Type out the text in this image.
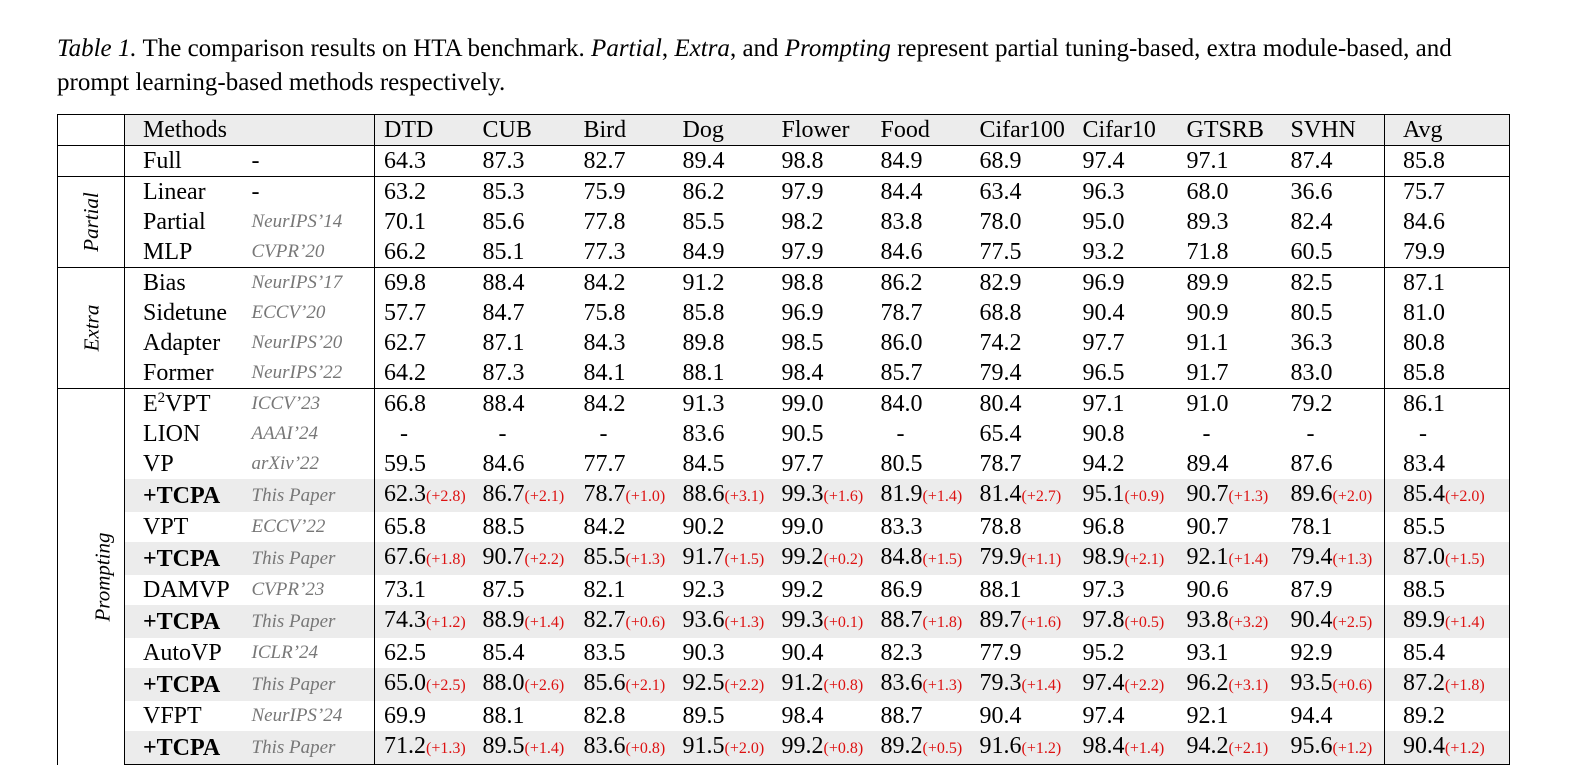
Table 1. The comparison results on HTA benchmark. Partial, Extra, and Prompting represent partial tuning-based, extra module-based, and prompt learning-based methods respectively.
	Methods		DTD	CUB	Bird	Dog	Flower	Food	Cifar100	Cifar10	GTSRB	SVHN	Avg
	Full	-	64.3	87.3	82.7	89.4	98.8	84.9	68.9	97.4	97.1	87.4	85.8
Partial	Linear	-	63.2	85.3	75.9	86.2	97.9	84.4	63.4	96.3	68.0	36.6	75.7
	Partial	NeurIPS’14	70.1	85.6	77.8	85.5	98.2	83.8	78.0	95.0	89.3	82.4	84.6
	MLP	CVPR’20	66.2	85.1	77.3	84.9	97.9	84.6	77.5	93.2	71.8	60.5	79.9
Extra	Bias	NeurIPS’17	69.8	88.4	84.2	91.2	98.8	86.2	82.9	96.9	89.9	82.5	87.1
	Sidetune	ECCV’20	57.7	84.7	75.8	85.8	96.9	78.7	68.8	90.4	90.9	80.5	81.0
	Adapter	NeurIPS’20	62.7	87.1	84.3	89.8	98.5	86.0	74.2	97.7	91.1	36.3	80.8
	Former	NeurIPS’22	64.2	87.3	84.1	88.1	98.4	85.7	79.4	96.5	91.7	83.0	85.8
Prompting	$E^2VPT$	ICCV’23	66.8	88.4	84.2	91.3	99.0	84.0	80.4	97.1	91.0	79.2	86.1
	LION	AAAI’24	-	-	-	83.6	90.5	-	65.4	90.8	-	-	-
	VP	arXiv’22	59.5	84.6	77.7	84.5	97.7	80.5	78.7	94.2	89.4	87.6	83.4
	+TCPA	This Paper	62.3(+2.8)	86.7(+2.1)	78.7(+1.0)	88.6(+3.1)	99.3(+1.6)	81.9(+1.4)	81.4(+2.7)	95.1(+0.9)	90.7(+1.3)	89.6(+2.0)	85.4(+2.0)
	VPT	ECCV’22	65.8	88.5	84.2	90.2	99.0	83.3	78.8	96.8	90.7	78.1	85.5
	+TCPA	This Paper	67.6(+1.8)	90.7(+2.2)	85.5(+1.3)	91.7(+1.5)	99.2(+0.2)	84.8(+1.5)	79.9(+1.1)	98.9(+2.1)	92.1(+1.4)	79.4(+1.3)	87.0(+1.5)
	DAMVP	CVPR’23	73.1	87.5	82.1	92.3	99.2	86.9	88.1	97.3	90.6	87.9	88.5
	+TCPA	This Paper	74.3(+1.2)	88.9(+1.4)	82.7(+0.6)	93.6(+1.3)	99.3(+0.1)	88.7(+1.8)	89.7(+1.6)	97.8(+0.5)	93.8(+3.2)	90.4(+2.5)	89.9(+1.4)
	AutoVP	ICLR’24	62.5	85.4	83.5	90.3	90.4	82.3	77.9	95.2	93.1	92.9	85.4
	+TCPA	This Paper	65.0(+2.5)	88.0(+2.6)	85.6(+2.1)	92.5(+2.2)	91.2(+0.8)	83.6(+1.3)	79.3(+1.4)	97.4(+2.2)	96.2(+3.1)	93.5(+0.6)	87.2(+1.8)
	VFPT	NeurIPS’24	69.9	88.1	82.8	89.5	98.4	88.7	90.4	97.4	92.1	94.4	89.2
	+TCPA	This Paper	71.2(+1.3)	89.5(+1.4)	83.6(+0.8)	91.5(+2.0)	99.2(+0.8)	89.2(+0.5)	91.6(+1.2)	98.4(+1.4)	94.2(+2.1)	95.6(+1.2)	90.4(+1.2)
